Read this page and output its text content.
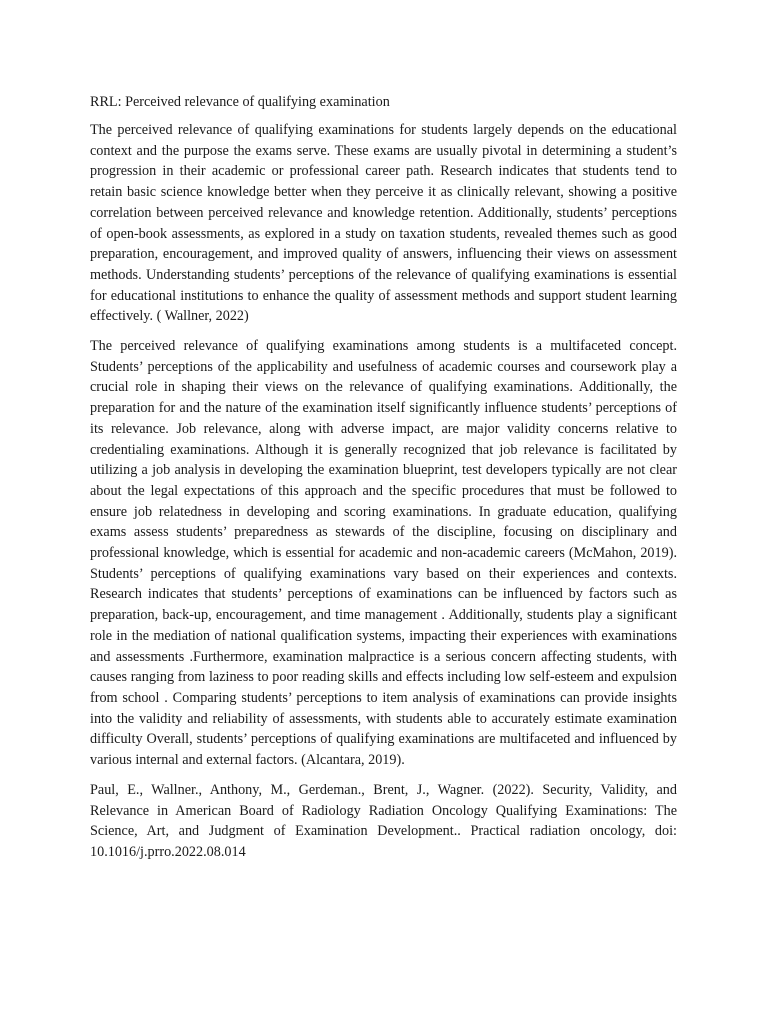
RRL: Perceived relevance of qualifying examination

The perceived relevance of qualifying examinations for students largely depends on the educational context and the purpose the exams serve. These exams are usually pivotal in determining a student’s progression in their academic or professional career path. Research indicates that students tend to retain basic science knowledge better when they perceive it as clinically relevant, showing a positive correlation between perceived relevance and knowledge retention. Additionally, students’ perceptions of open-book assessments, as explored in a study on taxation students, revealed themes such as good preparation, encouragement, and improved quality of answers, influencing their views on assessment methods. Understanding students’ perceptions of the relevance of qualifying examinations is essential for educational institutions to enhance the quality of assessment methods and support student learning effectively. ( Wallner, 2022)

The perceived relevance of qualifying examinations among students is a multifaceted concept. Students’ perceptions of the applicability and usefulness of academic courses and coursework play a crucial role in shaping their views on the relevance of qualifying examinations. Additionally, the preparation for and the nature of the examination itself significantly influence students’ perceptions of its relevance. Job relevance, along with adverse impact, are major validity concerns relative to credentialing examinations. Although it is generally recognized that job relevance is facilitated by utilizing a job analysis in developing the examination blueprint, test developers typically are not clear about the legal expectations of this approach and the specific procedures that must be followed to ensure job relatedness in developing and scoring examinations. In graduate education, qualifying exams assess students’ preparedness as stewards of the discipline, focusing on disciplinary and professional knowledge, which is essential for academic and non-academic careers (McMahon, 2019). Students’ perceptions of qualifying examinations vary based on their experiences and contexts. Research indicates that students’ perceptions of examinations can be influenced by factors such as preparation, back-up, encouragement, and time management . Additionally, students play a significant role in the mediation of national qualification systems, impacting their experiences with examinations and assessments .Furthermore, examination malpractice is a serious concern affecting students, with causes ranging from laziness to poor reading skills and effects including low self-esteem and expulsion from school . Comparing students’ perceptions to item analysis of examinations can provide insights into the validity and reliability of assessments, with students able to accurately estimate examination difficulty Overall, students’ perceptions of qualifying examinations are multifaceted and influenced by various internal and external factors. (Alcantara, 2019).

Paul, E., Wallner., Anthony, M., Gerdeman., Brent, J., Wagner. (2022). Security, Validity, and Relevance in American Board of Radiology Radiation Oncology Qualifying Examinations: The Science, Art, and Judgment of Examination Development.. Practical radiation oncology, doi: 10.1016/j.prro.2022.08.014
